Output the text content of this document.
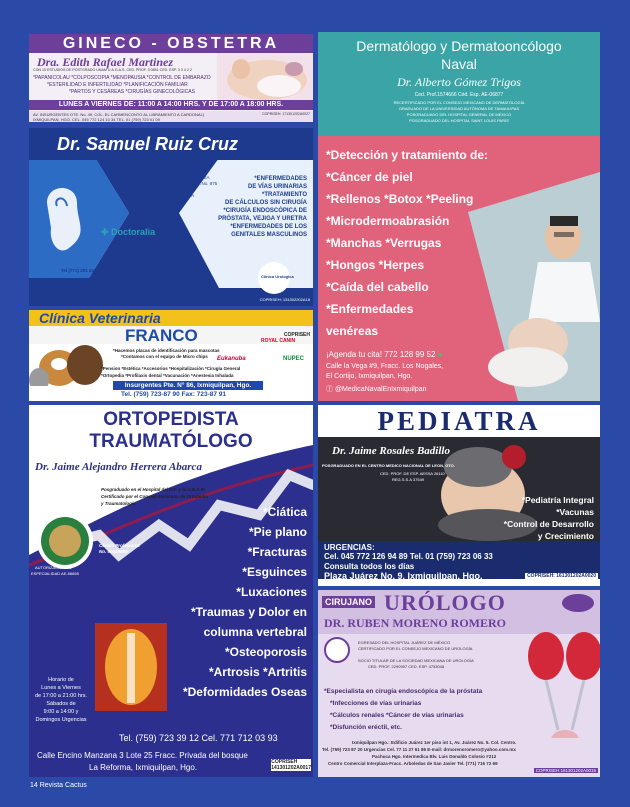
GINECO - OBSTETRA
Dra. Edith Rafael Martinez
CON 10 ESTUDIOS DE POSTGRADO UNAM U.A.G.A.S. CED. PROF. 3 0851 CED. ESP. 3 3 4 2 2
*PAPANICOLAU *COLPOSCOPIA *MENOPAUSIA *CONTROL DE EMBARAZO
*ESTERILIDAD E INFERTILIDAD *PLANIFICACIÓN FAMILIAR
*PARTOS Y CESÁREAS *CIRUGÍAS GINECOLÓGICAS
LUNES A VIERNES DE: 11:00 A 14:00 HRS. Y DE 17:00 A 18:00 HRS.
AV. INSURGENTES OTE. No. 49, COL. EL CARMENCONTO AL LIBRAMIENTO A CARDONAL)
IXMIQUILPAN, HGO. CEL. 045 772 124 10 34 TEL. 01 (759) 723 01 09
COPRISEH: 171301202A0027
Dermatólogo y Dermatooncólogo
Naval
Dr. Alberto Gómez Trigos
Ced. Prof.1574666 Céd. Esp. AE-06877
RECERTIFICADO POR EL CONSEJO MEXICANO DE DERMATOLOGÍA
GRADUADO DE LA UNIVERSIDAD AUTÓNOMA DE TAMAULIPAS
POSGRADUADO DEL HOSPITAL GENERAL DE MÉXICO
POSGRADUADO DEL HOSPITAL SAINT LOUIS PARIS
*Detección y tratamiento de:
*Cáncer de piel
*Rellenos *Botox *Peeling
*Microdermoabrasión
*Manchas *Verrugas
*Hongos *Herpes
*Caída del cabello
*Enfermedades
venéreas
¡Agenda tu cita! 772 128 99 52 ●
Calle la Vega #9, Fracc. Los Nogales,
El Cortijo, Ixmiquilpan, Hgo.
ⓕ @MedicaNavalEnIxmiquilpan
Dr. Samuel Ruiz Cruz
Cirujano Urólogo
C. E. 3352923 S.S.A. C.P. 213057E U.A.E.H.
SOCIEDAD MEXICANA DE UROLOGÍA
CONSEJO MEXICANO DE UROLOGÍA No. 875
SOCIEDAD MEXICANA DE
ONCOLOGÍA UROLÓGICA
*ENFERMEDADES
DE VÍAS URINARIAS
*TRATAMIENTO
DE CÁLCULOS SIN CIRUGÍA
*CIRUGÍA ENDOSCÓPICA DE
PRÓSTATA, VEJIGA Y URETRA
*ENFERMEDADES DE LOS
GENITALES MASCULINOS
✚ Doctoralia
CONSULTORIO PACHUCA, HGO.
TORRE BIOMÉDICA
Calle Mutualismo 109-A Col. Céspedes
(frente al Hospital General)
Tel (771) 281 24 50 y 51 Cel. 771 121 71 71 Previa cita
CONSULTORIO IXMIQUILPAN, HGO. GRUPO MÉDICO VALLE DEL MEZQUITAL
Av. Felipe Ángeles No. 20 Col. Centro
Martes de 9:00 a 11:00 a.m. Tel. (759) 723 00 97 Cel. 771 121 71 71
Previa Cita
Clínica Urológica
COPRISEH: 131302202A18
Clínica Veterinaria
FRANCO	ROYAL CANIN
Eukanuba	NUPEC
*Hacemos placas de identificación para mascotas
*Contamos con el equipo de Micro chips
*Pension *Estética *Accesorios *Hospitalización *Cirugía General
*Ortopedia *Profilaxis dental *Vacunación *Anestesia Inhalada
Insurgentes Pte. N° 86, Ixmiquilpan, Hgo.
Tel. (759) 723-87 90 Fax: 723-87 91
COPRISEH
ORTOPEDISTA
TRAUMATÓLOGO
Dr. Jaime Alejandro Herrera Abarca
Posgraduado en el Hospital del D.F. y la U.N.A.M.
Certificado por el Consejo Mexicano de Ortopedia
y Traumatología
Cédula Profesional
No. 00449869
AUTORIZACIÓN DE
ESPECIALIDAD AE-56655
*Ciática
*Pie plano
*Fracturas
*Esguinces
*Luxaciones
*Traumas y Dolor en
columna vertebral
*Osteoporosis
*Artrosis *Artritis
*Deformidades Oseas
Horario de
Lunes a Viernes
de 17:00 a 21:00 hrs.
Sábados de
9:00 a 14:00 y
Domingos Urgencias
Tel. (759) 723 39 12 Cel. 771 712 03 93
Calle Encino Manzana 3 Lote 25 Fracc. Privada del bosque
La Reforma, Ixmiquilpan, Hgo.
COPRISEH
141301202A0017
PEDIATRA
Dr. Jaime Rosales Badillo
POSGRADUADO EN EL CENTRO MEDICO NACIONAL DE LEON, GTO.
CED. PROF. DE ESP. AESSA 26110
REG.S.S.A 37549
*Pediatría Integral
*Vacunas
*Control de Desarrollo
y Crecimiento
URGENCIAS:
Cel. 045 772 126 94 89 Tel. 01 (759) 723 06 33
Consulta todos los días
Plaza Juárez No. 9, Ixmiquilpan, Hgo.	COPRISEH: 161301202A0020
CIRUJANO URÓLOGO
DR. RUBEN MORENO ROMERO
EGRESADO DEL HOSPITAL JUÁREZ DE MÉXICO
CERTIFICADO POR EL CONSEJO MEXICANO DE UROLOGÍA
SOCIO TITULAR DE LA SOCIEDAD MEXICANA DE UROLOGÍA
CED. PROF. 2290997 CED. ESP. 4753048
*Especialista en cirugía endoscópica de la próstata
*Infecciones de vías urinarias
*Cálculos renales *Cáncer de vías urinarias
*Disfunción eréctil, etc.
Ixmiquilpan Hgo.: Edificio Juárez 1er piso int 1, Av. Juárez No. 5. Col. Centro.
Tel. (759) 723 87 20 Urgencias Cel. 77 11 27 61 86 E-mail: drmorenoromero@yahoo.com.mx
Pachuca Hgo. Intermedica Blv. Luis Donaldo Colosio #212
Centro Comercial Interplaza-Fracc. Arboledas de San Javier Tel. (771) 716 72 69
COPRISEH:161301202A0015
14 Revista Cactus
